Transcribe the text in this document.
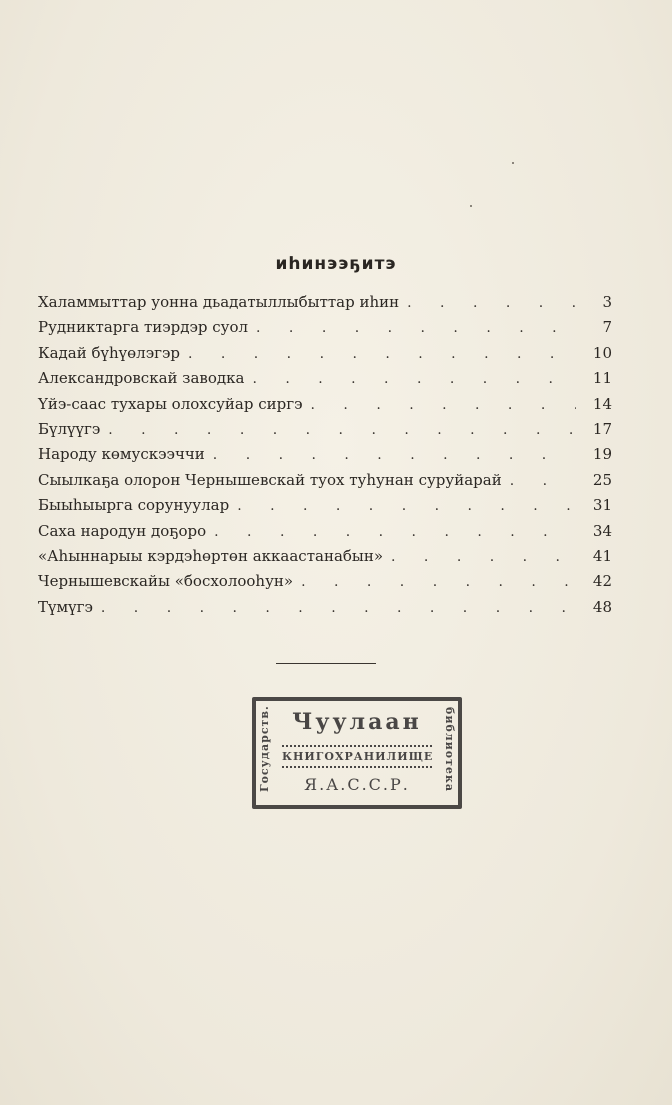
иһинээҕитэ
Халаммыттар уонна дьадатыллыбыттар иһин . . .	3
Рудниктарга тиэрдэр суол . . .	7
Кадай бүһүөлэгэр . . .	10
Александровскай заводка . . .	11
Үйэ-саас тухары олохсуйар сиргэ . . .	14
Бүлүүгэ . . .	17
Народу көмускээччи . . .	19
Сыылкаҕа олорон Чернышевскай туох туһунан суруйарай . . .	25
Быыһыырга сорунуулар . . .	31
Саха народун доҕоро . . .	34
«Аһыннарыы кэрдэһөртөн аккаастанабын» . . .	41
Чернышевскайы «босхолооһун» . . .	42
Түмүгэ . . .	48
Государств.	библиотека
Чуулаан
КНИГОХРАНИЛИЩЕ
Я.А.С.С.Р.
